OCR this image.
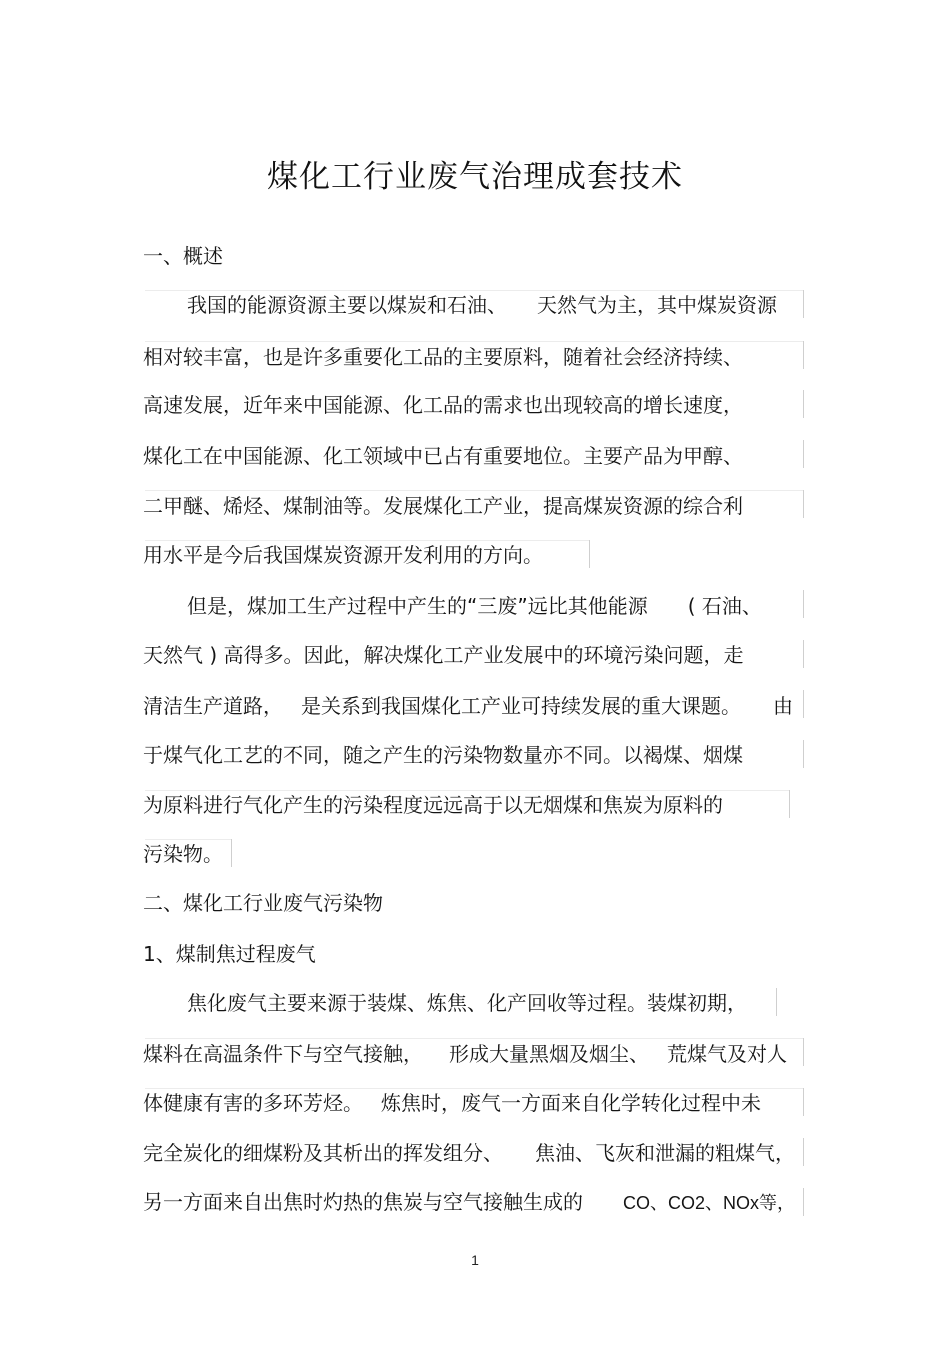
煤化工行业废气治理成套技术
一、概述
我国的能源资源主要以煤炭和石油、 天然气为主，其中煤炭资源
相对较丰富，也是许多重要化工品的主要原料，随着社会经济持续、
高速发展，近年来中国能源、化工品的需求也出现较高的增长速度，
煤化工在中国能源、化工领域中已占有重要地位。主要产品为甲醇、
二甲醚、烯烃、煤制油等。发展煤化工产业，提高煤炭资源的综合利
用水平是今后我国煤炭资源开发利用的方向。
但是，煤加工生产过程中产生的“三废”远比其他能源 ( 石油、
天然气 ) 高得多。因此，解决煤化工产业发展中的环境污染问题，走
清洁生产道路， 是关系到我国煤化工产业可持续发展的重大课题。 由
于煤气化工艺的不同，随之产生的污染物数量亦不同。以褐煤、烟煤
为原料进行气化产生的污染程度远远高于以无烟煤和焦炭为原料的
污染物。
二、煤化工行业废气污染物
1、煤制焦过程废气
焦化废气主要来源于装煤、炼焦、化产回收等过程。装煤初期，
煤料在高温条件下与空气接触， 形成大量黑烟及烟尘、 荒煤气及对人
体健康有害的多环芳烃。 炼焦时，废气一方面来自化学转化过程中未
完全炭化的细煤粉及其析出的挥发组分、 焦油、飞灰和泄漏的粗煤气，
另一方面来自出焦时灼热的焦炭与空气接触生成的 CO、CO2、NOx等，
1
